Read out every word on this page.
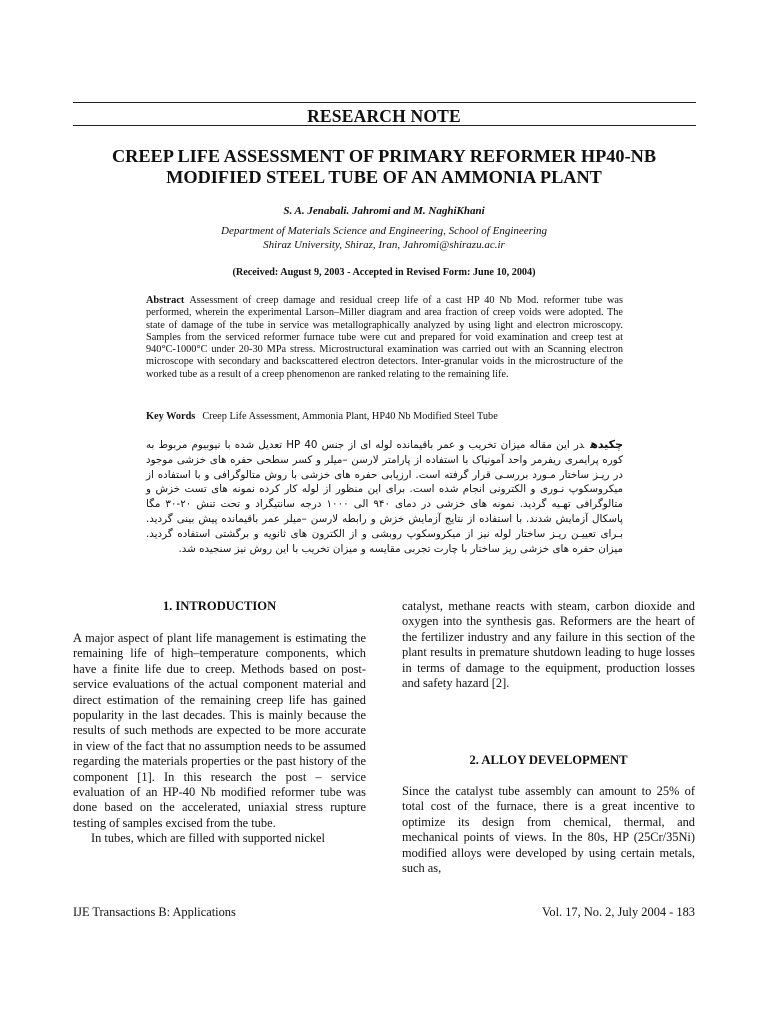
RESEARCH NOTE
CREEP LIFE ASSESSMENT OF PRIMARY REFORMER HP40-NB
MODIFIED STEEL TUBE OF AN AMMONIA PLANT
S. A. Jenabali. Jahromi and M. NaghiKhani
Department of Materials Science and Engineering, School of Engineering
Shiraz University, Shiraz, Iran, Jahromi@shirazu.ac.ir
(Received: August 9, 2003 - Accepted in Revised Form: June 10, 2004)
Abstract Assessment of creep damage and residual creep life of a cast HP 40 Nb Mod. reformer tube was performed, wherein the experimental Larson–Miller diagram and area fraction of creep voids were adopted. The state of damage of the tube in service was metallographically analyzed by using light and electron microscopy. Samples from the serviced reformer furnace tube were cut and prepared for void examination and creep test at 940°C-1000°C under 20-30 MPa stress. Microstructural examination was carried out with an Scanning electron microscope with secondary and backscattered electron detectors. Inter-granular voids in the microstructure of the worked tube as a result of a creep phenomenon are ranked relating to the remaining life.
Key Words Creep Life Assessment, Ammonia Plant, HP40 Nb Modified Steel Tube
چکیدهدر این مقاله میزان تخریب و عمر باقیمانده لوله ای از جنس HP 40 تعدیل شده با نیوبیوم مربوط به کوره پرایمری ریفرمر واحد آمونیاک با استفاده از پارامتر لارسن –میلر و کسر سطحی حفره های خزشی موجود در ریـز ساختار مـورد بررسـی قرار گرفته است. ارزیابی حفره های خزشی با روش متالوگرافی و با استفاده از میکروسکوپ نـوری و الکترونی انجام شده است. برای این منظور از لوله کار کرده نمونه های تست خزش و متالوگرافی تهـیه گردید. نمونه های خزشی در دمای ۹۴۰ الی ۱۰۰۰ درجه سانتیگراد و تحت تنش ۲۰-۳۰ مگا پاسکال آزمایش شدند. با استفاده از نتایج آزمایش خزش و رابطه لارسن –میلر عمر باقیمانده پیش بینی گردید. بـرای تعییـن ریـز ساختار لوله نیز از میکروسکوپ روبشی و از الکترون های ثانویه و برگشتی استفاده گردید. میزان حفره های خزشی ریز ساختار با چارت تجربی مقایسه و میزان تخریب با این روش نیز سنجیده شد.
1. INTRODUCTION

A major aspect of plant life management is estimating the remaining life of high–temperature components, which have a finite life due to creep. Methods based on post-service evaluations of the actual component material and direct estimation of the remaining creep life has gained popularity in the last decades. This is mainly because the results of such methods are expected to be more accurate in view of the fact that no assumption needs to be assumed regarding the materials properties or the past history of the component [1]. In this research the post – service evaluation of an HP-40 Nb modified reformer tube was done based on the accelerated, uniaxial stress rupture testing of samples excised from the tube.

In tubes, which are filled with supported nickel

catalyst, methane reacts with steam, carbon dioxide and oxygen into the synthesis gas. Reformers are the heart of the fertilizer industry and any failure in this section of the plant results in premature shutdown leading to huge losses in terms of damage to the equipment, production losses and safety hazard [2].

2. ALLOY DEVELOPMENT

Since the catalyst tube assembly can amount to 25% of total cost of the furnace, there is a great incentive to optimize its design from chemical, thermal, and mechanical points of views. In the 80s, HP (25Cr/35Ni) modified alloys were developed by using certain metals, such as,

IJE Transactions B: Applications	Vol. 17, No. 2, July 2004 - 183
